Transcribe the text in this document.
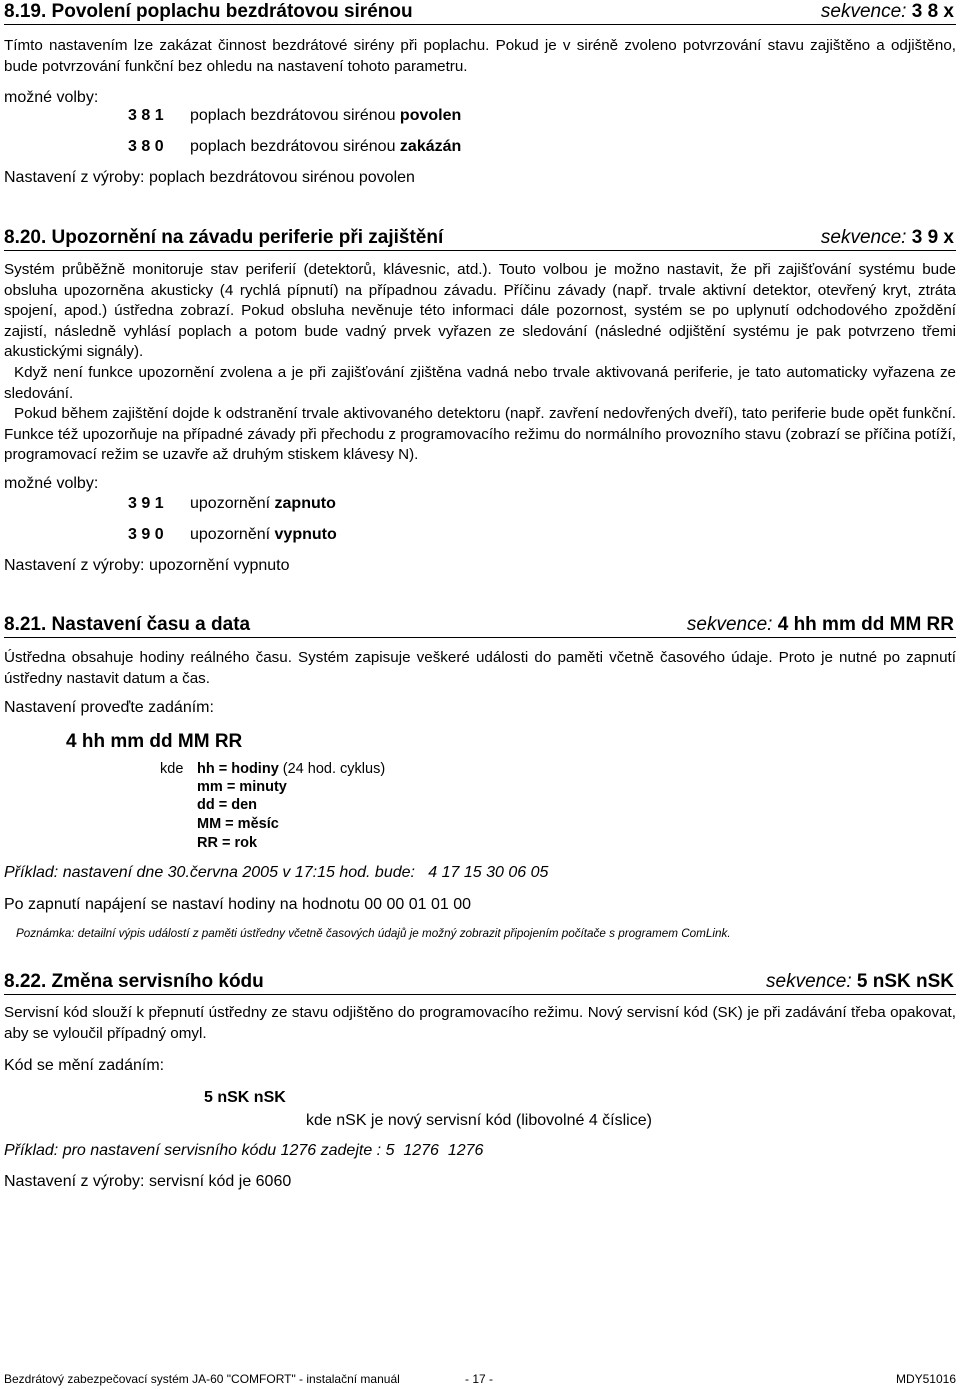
8.19. Povolení poplachu bezdrátovou sirénou	sekvence: 3 8 x
Tímto nastavením lze zakázat činnost bezdrátové sirény při poplachu. Pokud je v siréně zvoleno potvrzování stavu zajištěno a odjištěno, bude potvrzování funkční bez ohledu na nastavení tohoto parametru.
možné volby:
3 8 1 poplach bezdrátovou sirénou povolen
3 8 0 poplach bezdrátovou sirénou zakázán
Nastavení z výroby: poplach bezdrátovou sirénou povolen
8.20. Upozornění na závadu periferie při zajištění	sekvence: 3 9 x
Systém průběžně monitoruje stav periferií (detektorů, klávesnic, atd.). Touto volbou je možno nastavit, že při zajišťování systému bude obsluha upozorněna akusticky (4 rychlá pípnutí) na případnou závadu. Příčinu závady (např. trvale aktivní detektor, otevřený kryt, ztráta spojení, apod.) ústředna zobrazí. Pokud obsluha nevěnuje této informaci dále pozornost, systém se po uplynutí odchodového zpoždění zajistí, následně vyhlásí poplach a potom bude vadný prvek vyřazen ze sledování (následné odjištění systému je pak potvrzeno třemi akustickými signály).
Když není funkce upozornění zvolena a je při zajišťování zjištěna vadná nebo trvale aktivovaná periferie, je tato automaticky vyřazena ze sledování.
Pokud během zajištění dojde k odstranění trvale aktivovaného detektoru (např. zavření nedovřených dveří), tato periferie bude opět funkční. Funkce též upozorňuje na případné závady při přechodu z programovacího režimu do normálního provozního stavu (zobrazí se příčina potíží, programovací režim se uzavře až druhým stiskem klávesy N).
možné volby:
3 9 1 upozornění zapnuto
3 9 0 upozornění vypnuto
Nastavení z výroby: upozornění vypnuto
8.21. Nastavení času a data	sekvence: 4 hh mm dd MM RR
Ústředna obsahuje hodiny reálného času. Systém zapisuje veškeré události do paměti včetně časového údaje. Proto je nutné po zapnutí ústředny nastavit datum a čas.
Nastavení proveďte zadáním:
4 hh mm dd MM RR
kde hh = hodiny (24 hod. cyklus)
mm = minuty
dd = den
MM = měsíc
RR = rok
Příklad: nastavení dne 30.června 2005 v 17:15 hod. bude:   4 17 15 30 06 05
Po zapnutí napájení se nastaví hodiny na hodnotu 00 00 01 01 00
Poznámka: detailní výpis událostí z paměti ústředny včetně časových údajů je možný zobrazit připojením počítače s programem ComLink.
8.22. Změna servisního kódu	sekvence: 5 nSK nSK
Servisní kód slouží k přepnutí ústředny ze stavu odjištěno do programovacího režimu. Nový servisní kód (SK) je při zadávání třeba opakovat, aby se vyloučil případný omyl.
Kód se mění zadáním:
5 nSK nSK
kde nSK je nový servisní kód (libovolné 4 číslice)
Příklad: pro nastavení servisního kódu 1276 zadejte : 5  1276  1276
Nastavení z výroby: servisní kód je 6060
Bezdrátový zabezpečovací systém JA-60 "COMFORT" - instalační manuál	- 17 -	MDY51016
